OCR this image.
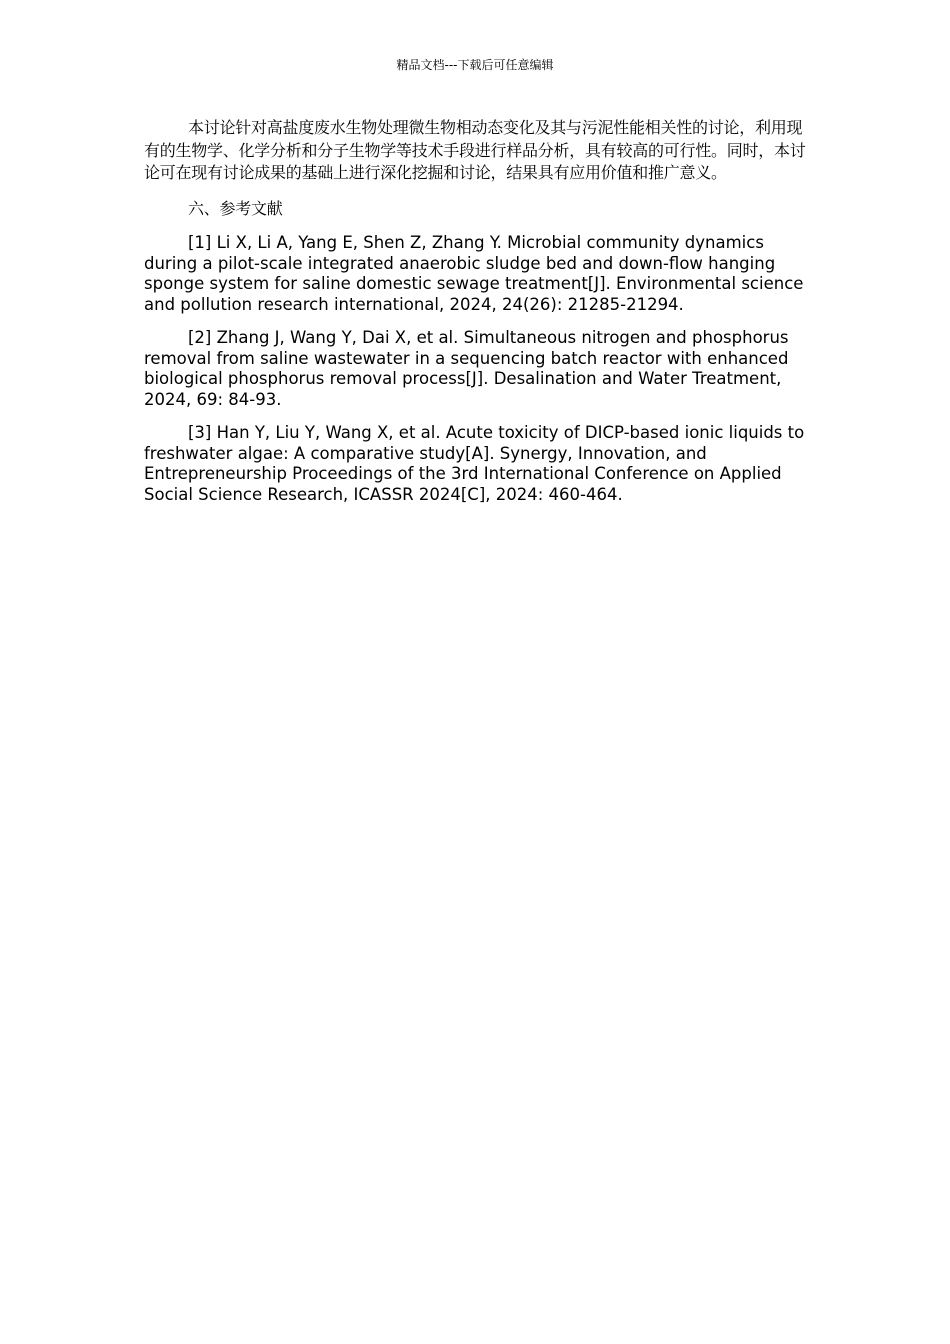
精品文档---下载后可任意编辑

本讨论针对高盐度废水生物处理微生物相动态变化及其与污泥性能相关性的讨论，利用现有的生物学、化学分析和分子生物学等技术手段进行样品分析，具有较高的可行性。同时，本讨论可在现有讨论成果的基础上进行深化挖掘和讨论，结果具有应用价值和推广意义。

六、参考文献

[1] Li X, Li A, Yang E, Shen Z, Zhang Y. Microbial community dynamics during a pilot-scale integrated anaerobic sludge bed and down-flow hanging sponge system for saline domestic sewage treatment[J]. Environmental science and pollution research international, 2024, 24(26): 21285-21294.

[2] Zhang J, Wang Y, Dai X, et al. Simultaneous nitrogen and phosphorus removal from saline wastewater in a sequencing batch reactor with enhanced biological phosphorus removal process[J]. Desalination and Water Treatment, 2024, 69: 84-93.

[3] Han Y, Liu Y, Wang X, et al. Acute toxicity of DICP-based ionic liquids to freshwater algae: A comparative study[A]. Synergy, Innovation, and Entrepreneurship Proceedings of the 3rd International Conference on Applied Social Science Research, ICASSR 2024[C], 2024: 460-464.
